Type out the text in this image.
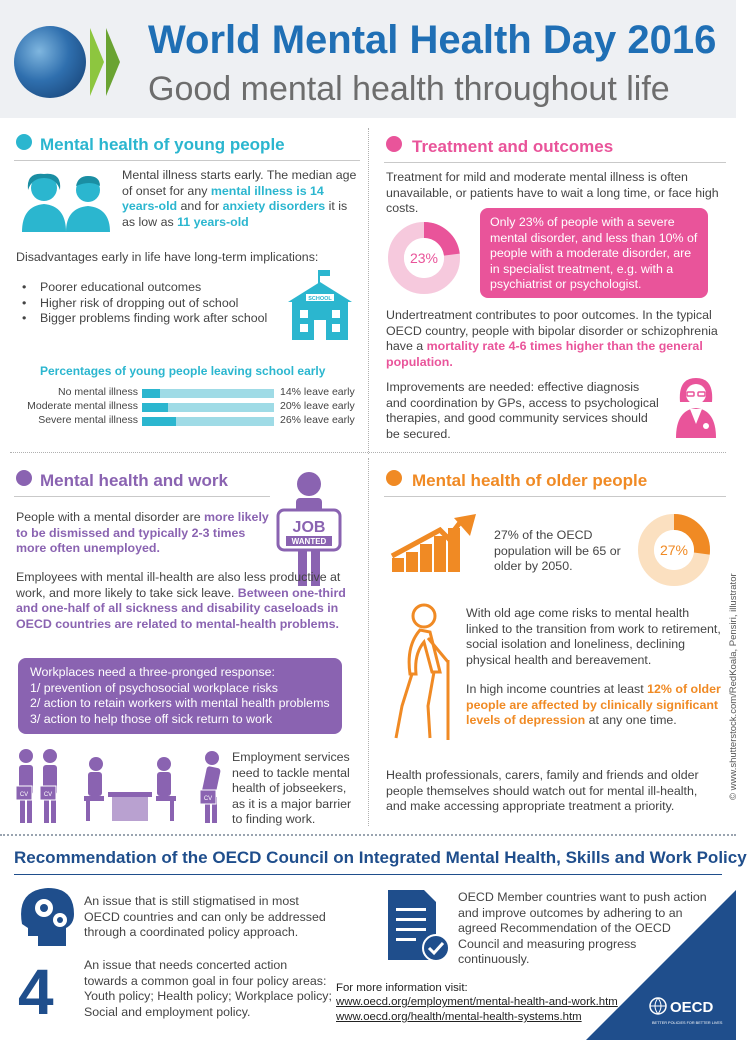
World Mental Health Day 2016
Good mental health throughout life
Mental health of young people
Mental illness starts early. The median age of onset for any mental illness is 14 years-old and for anxiety disorders it is as low as 11 years-old
Disadvantages early in life have long-term implications:
• Poorer educational outcomes
• Higher risk of dropping out of school
• Bigger problems finding work after school
SCHOOL
Percentages of young people leaving school early
No mental illness	14% leave early
Moderate mental illness	20% leave early
Severe mental illness	26% leave early
Treatment and outcomes
Treatment for mild and moderate mental illness is often unavailable, or patients have to wait a long time, or face high costs.
23%
Only 23% of people with a severe mental disorder, and less than 10% of people with a moderate disorder, are in specialist treatment, e.g. with a psychiatrist or psychologist.
Undertreatment contributes to poor outcomes. In the typical OECD country, people with bipolar disorder or schizophrenia have a mortality rate 4-6 times higher than the general population.
Improvements are needed: effective diagnosis and coordination by GPs, access to psychological therapies, and good community services should be secured.
Mental health and work
People with a mental disorder are more likely to be dismissed and typically 2-3 times more often unemployed.
JOB
WANTED
Employees with mental ill-health are also less productive at work, and more likely to take sick leave. Between one-third and one-half of all sickness and disability caseloads in OECD countries are related to mental-health problems.
Workplaces need a three-pronged response:
1/ prevention of psychosocial workplace risks
2/ action to retain workers with mental health problems
3/ action to help those off sick return to work
CV	CV
CV
Employment services need to tackle mental health of jobseekers, as it is a major barrier to finding work.
Mental health of older people
27% of the OECD population will be 65 or older by 2050.
27%
With old age come risks to mental health linked to the transition from work to retirement, social isolation and loneliness, declining physical health and bereavement.
In high income countries at least 12% of older people are affected by clinically significant levels of depression at any one time.
Health professionals, carers, family and friends and older people themselves should watch out for mental ill-health, and make accessing appropriate treatment a priority.
© www.shutterstock.com/RedKoala, Pensiri, illustrator
Recommendation of the OECD Council on Integrated Mental Health, Skills and Work Policy
An issue that is still stigmatised in most OECD countries and can only be addressed through a coordinated policy approach.
4 An issue that needs concerted action towards a common goal in four policy areas: Youth policy; Health policy; Workplace policy; Social and employment policy.
OECD Member countries want to push action and improve outcomes by adhering to an agreed Recommendation of the OECD Council and measuring progress continuously.
For more information visit:
www.oecd.org/employment/mental-health-and-work.htm
www.oecd.org/health/mental-health-systems.htm
OECD
BETTER POLICIES FOR BETTER LIVES
